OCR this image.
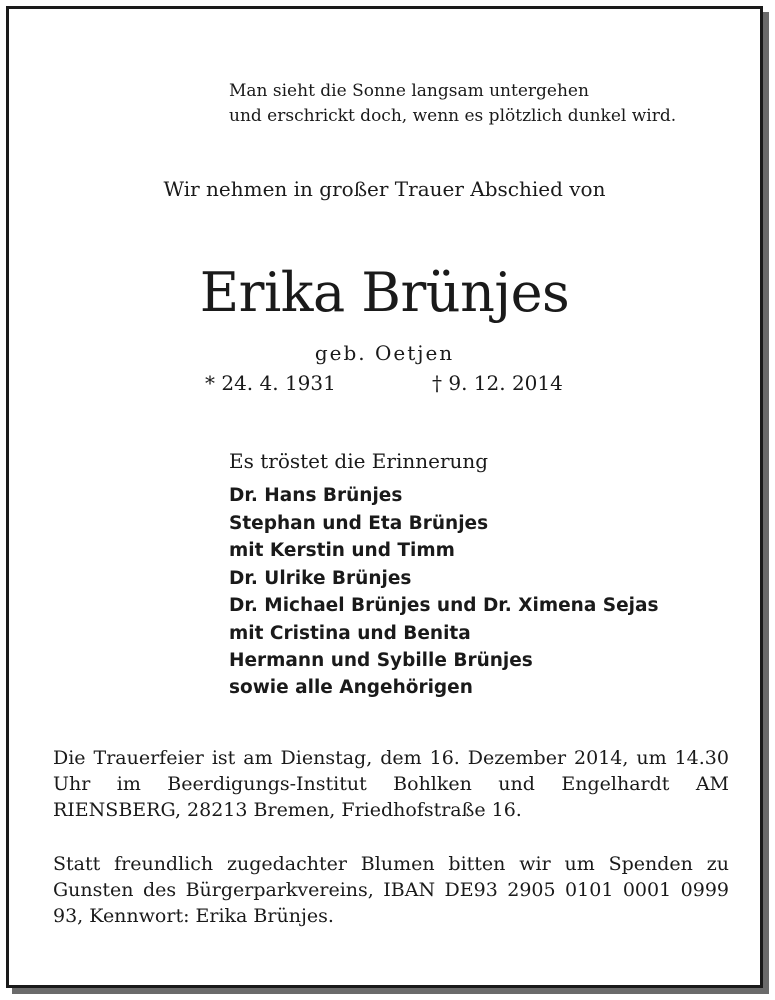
Man sieht die Sonne langsam untergehen
und erschrickt doch, wenn es plötzlich dunkel wird.
Wir nehmen in großer Trauer Abschied von
Erika Brünjes
geb. Oetjen
* 24. 4. 1931	† 9. 12. 2014
Es tröstet die Erinnerung
Dr. Hans Brünjes
Stephan und Eta Brünjes
mit Kerstin und Timm
Dr. Ulrike Brünjes
Dr. Michael Brünjes und Dr. Ximena Sejas
mit Cristina und Benita
Hermann und Sybille Brünjes
sowie alle Angehörigen
Die Trauerfeier ist am Dienstag, dem 16. Dezember 2014, um 14.30 Uhr im Beerdigungs-Institut Bohlken und Engelhardt AM RIENSBERG, 28213 Bremen, Friedhofstraße 16.
Statt freundlich zugedachter Blumen bitten wir um Spenden zu Gunsten des Bürgerparkvereins, IBAN DE93 2905 0101 0001 0999 93, Kennwort: Erika Brünjes.
